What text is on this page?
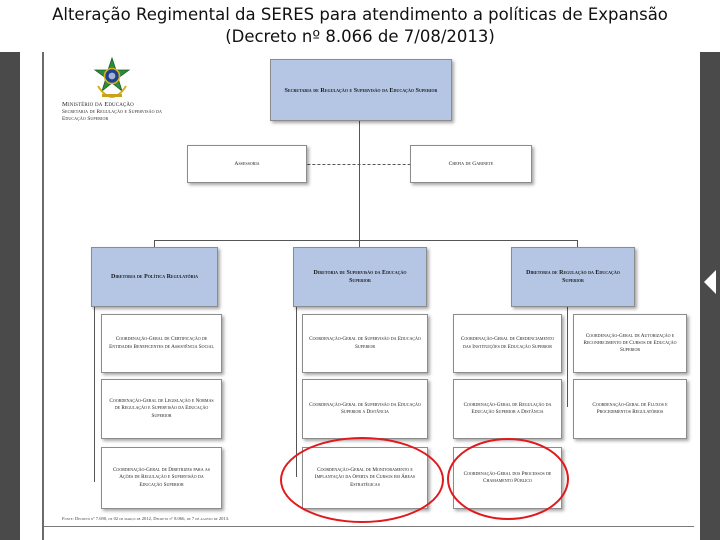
Alteração Regimental da SERES para atendimento a políticas de Expansão
(Decreto nº 8.066 de 7/08/2013)
Ministério da Educação
Secretaria de Regulação e Supervisão da
Educação Superior
Secretaria de Regulação e Supervisão da Educação Superior
Assessoria	Chefia de Gabinete
Diretoria de Política Regulatória
Diretoria de Supervisão da Educação Superior
Diretoria de Regulação da Educação Superior
Coordenação-Geral de Certificação de Entidades Beneficentes de Assistência Social
Coordenação-Geral de Legislação e Normas de Regulação e Supervisão da Educação Superior
Coordenação-Geral de Diretrizes para as Ações de Regulação e Supervisão da Educação Superior
Coordenação-Geral de Supervisão da Educação Superior
Coordenação-Geral de Supervisão da Educação Superior a Distância
Coordenação-Geral de Monitoramento e Implantação da Oferta de Cursos em Áreas Estratégicas
Coordenação-Geral de Credenciamento das Instituições de Educação Superior
Coordenação-Geral de Regulação da Educação Superior a Distância
Coordenação-Geral dos Processos de Chamamento Público
Coordenação-Geral de Autorização e Reconhecimento de Cursos de Educação Superior
Coordenação-Geral de Fluxos e Procedimentos Regulatórios
Fonte: Decreto nº 7.690, de 02 de março de 2012, Decreto nº 8.066, de 7 de agosto de 2013.
